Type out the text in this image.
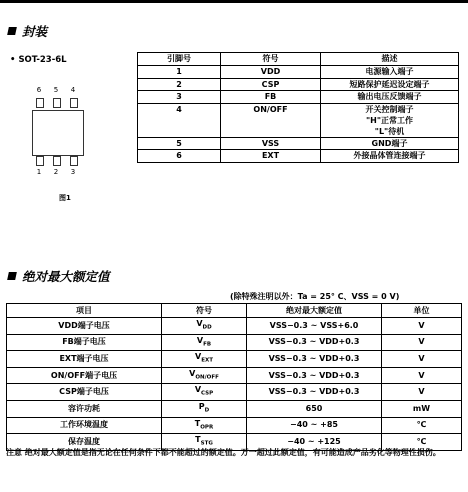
封装
• SOT-23-6L
6	5	4
1	2	3
图1
引脚号	符号	描述
1	VDD	电源输入端子

2	CSP	短路保护延迟设定端子

3	FB	输出电压反馈端子

4	ON/OFF	开关控制端子
"H"正常工作
"L"待机

5	VSS	GND端子

6	EXT	外接晶体管连接端子
绝对最大额定值
(除特殊注明以外：Ta = 25° C、VSS = 0 V)
项目	符号	绝对最大额定值	单位
VDD端子电压	$V_{DD}$	VSS−0.3 ~ VSS+6.0	V
FB端子电压	$V_{FB}$	VSS−0.3 ~ VDD+0.3	V
EXT端子电压	$V_{EXT}$	VSS−0.3 ~ VDD+0.3	V
ON/OFF端子电压	$V_{ON/OFF}$	VSS−0.3 ~ VDD+0.3	V
CSP端子电压	$V_{CSP}$	VSS−0.3 ~ VDD+0.3	V
容许功耗	$P_D$	650	mW
工作环境温度	$T_{OPR}$	−40 ~ +85	℃
保存温度	$T_{STG}$	−40 ~ +125	℃
注意 绝对最大额定值是指无论在任何条件下都不能超过的额定值。万一超过此额定值，有可能造成产品劣化等物理性损伤。
